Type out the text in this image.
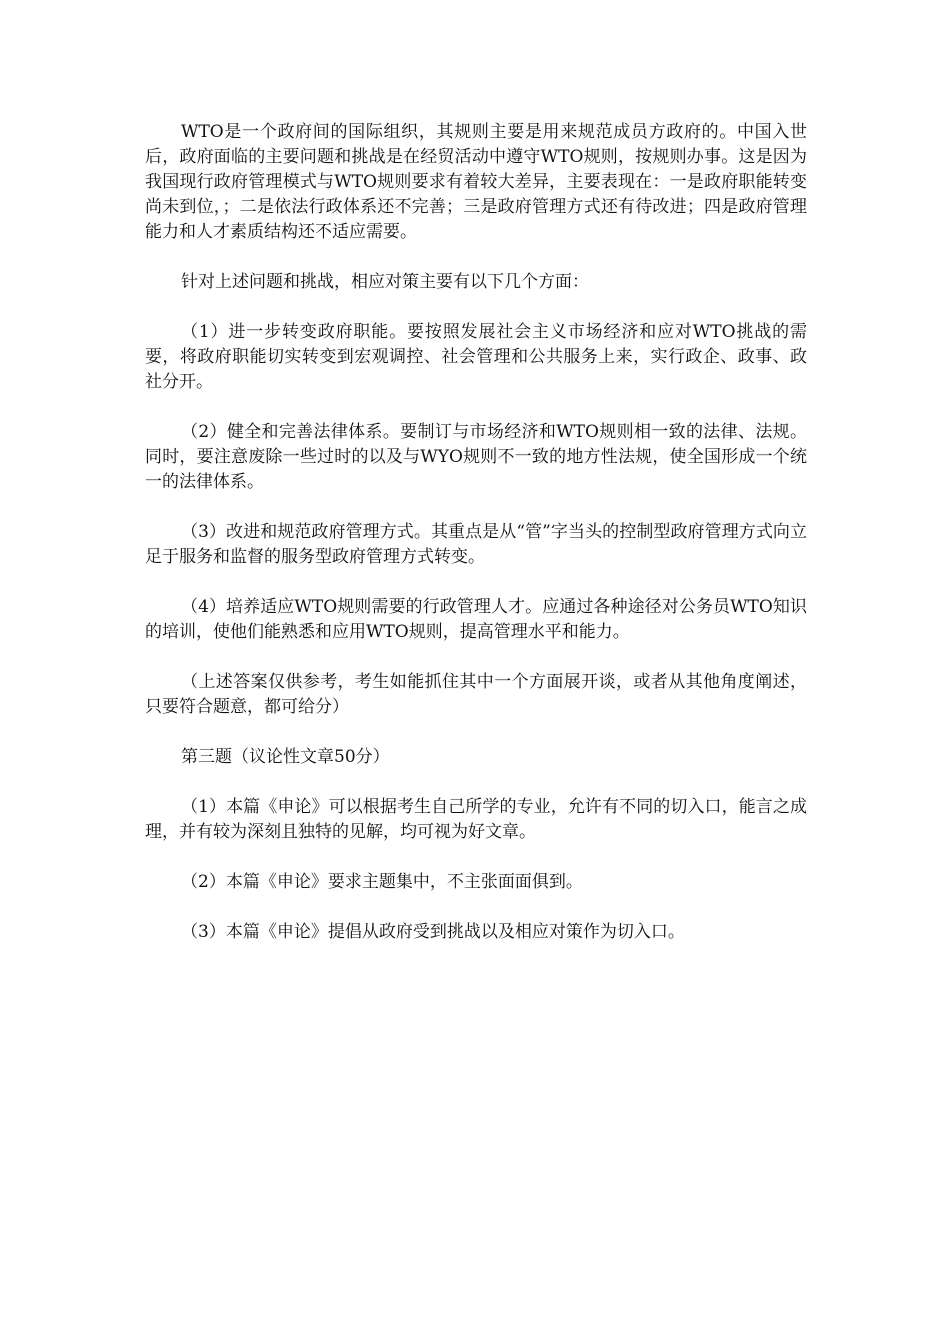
WTO是一个政府间的国际组织，其规则主要是用来规范成员方政府的。中国入世后，政府面临的主要问题和挑战是在经贸活动中遵守WTO规则，按规则办事。这是因为我国现行政府管理模式与WTO规则要求有着较大差异，主要表现在：一是政府职能转变尚未到位，；二是依法行政体系还不完善；三是政府管理方式还有待改进；四是政府管理能力和人才素质结构还不适应需要。

针对上述问题和挑战，相应对策主要有以下几个方面：

（1）进一步转变政府职能。要按照发展社会主义市场经济和应对WTO挑战的需要，将政府职能切实转变到宏观调控、社会管理和公共服务上来，实行政企、政事、政社分开。

（2）健全和完善法律体系。要制订与市场经济和WTO规则相一致的法律、法规。同时，要注意废除一些过时的以及与WYO规则不一致的地方性法规，使全国形成一个统一的法律体系。

（3）改进和规范政府管理方式。其重点是从“管”字当头的控制型政府管理方式向立足于服务和监督的服务型政府管理方式转变。

（4）培养适应WTO规则需要的行政管理人才。应通过各种途径对公务员WTO知识的培训，使他们能熟悉和应用WTO规则，提高管理水平和能力。

（上述答案仅供参考，考生如能抓住其中一个方面展开谈，或者从其他角度阐述，只要符合题意，都可给分）

第三题（议论性文章50分）

（1）本篇《申论》可以根据考生自己所学的专业，允许有不同的切入口，能言之成理，并有较为深刻且独特的见解，均可视为好文章。

（2）本篇《申论》要求主题集中，不主张面面俱到。

（3）本篇《申论》提倡从政府受到挑战以及相应对策作为切入口。
